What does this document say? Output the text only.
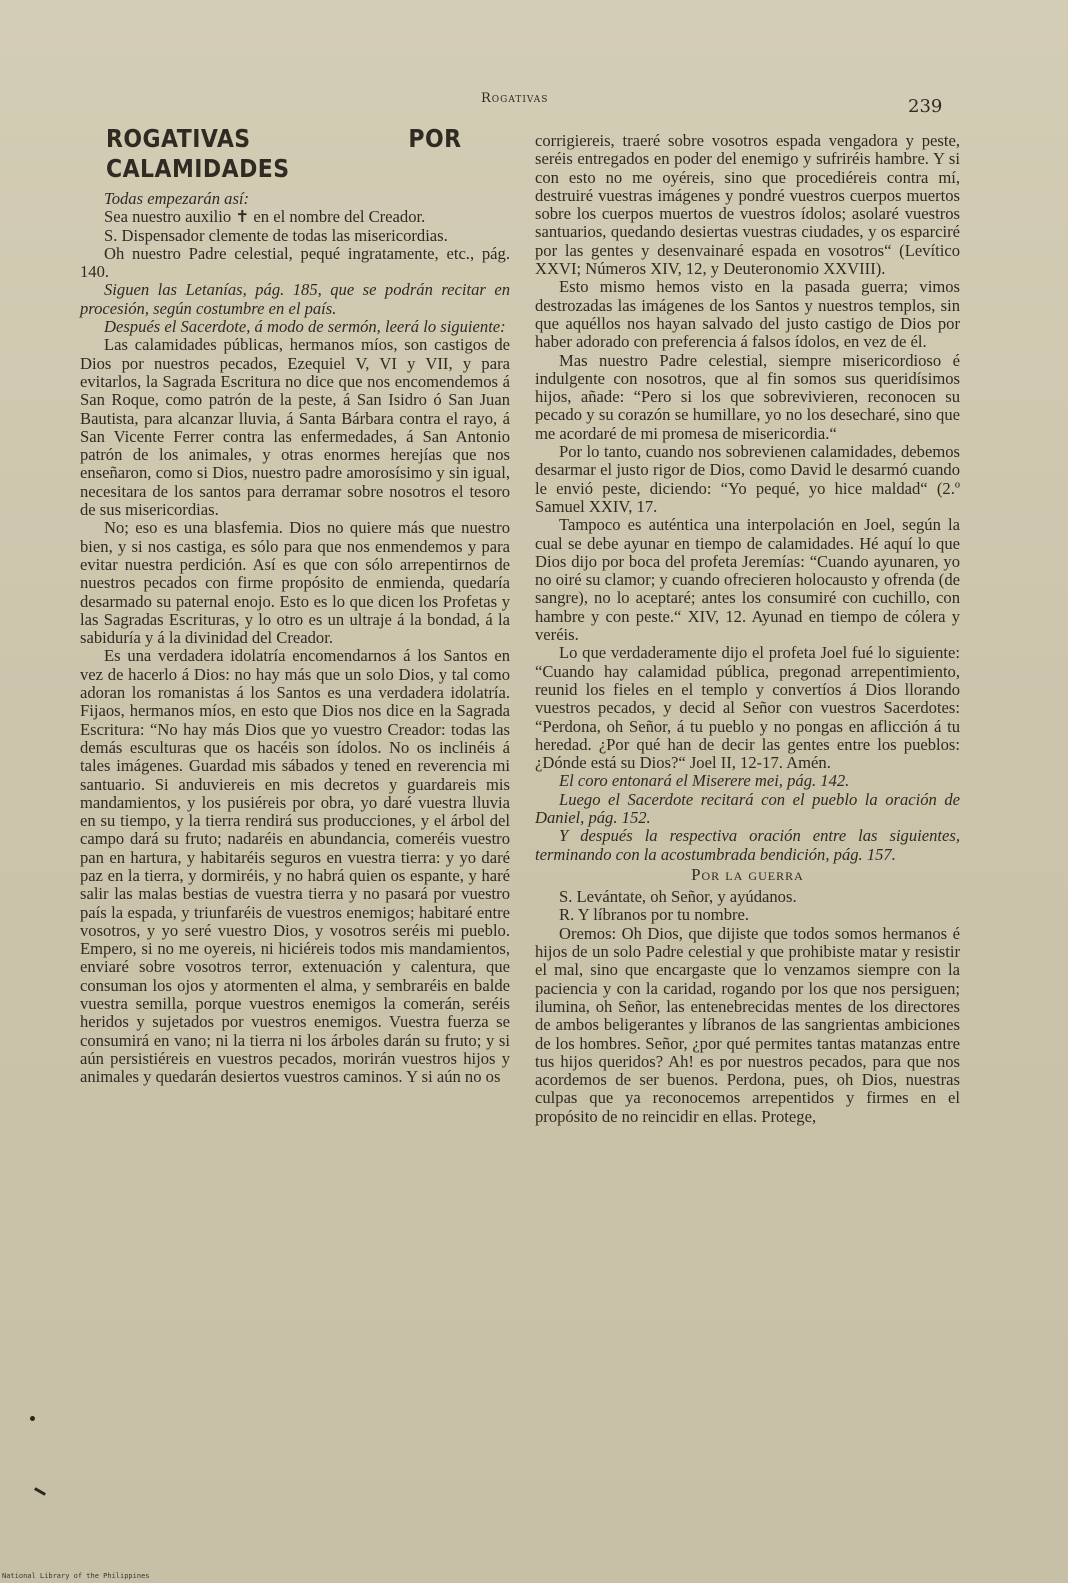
Rogativas	239
ROGATIVAS POR CALAMIDADES

Todas empezarán así:

Sea nuestro auxilio ✝ en el nombre del Creador.

S. Dispensador clemente de todas las misericordias.

Oh nuestro Padre celestial, pequé ingratamente, etc., pág. 140.

Siguen las Letanías, pág. 185, que se podrán recitar en procesión, según costumbre en el país.

Después el Sacerdote, á modo de sermón, leerá lo siguiente:

Las calamidades públicas, hermanos míos, son castigos de Dios por nuestros pecados, Ezequiel V, VI y VII, y para evitarlos, la Sagrada Escritura no dice que nos encomendemos á San Roque, como patrón de la peste, á San Isidro ó San Juan Bautista, para alcanzar lluvia, á Santa Bárbara contra el rayo, á San Vicente Ferrer contra las enfermedades, á San Antonio patrón de los animales, y otras enormes herejías que nos enseñaron, como si Dios, nuestro padre amorosísimo y sin igual, necesitara de los santos para derramar sobre nosotros el tesoro de sus misericordias.

No; eso es una blasfemia. Dios no quiere más que nuestro bien, y si nos castiga, es sólo para que nos enmendemos y para evitar nuestra perdición. Así es que con sólo arrepentirnos de nuestros pecados con firme propósito de enmienda, quedaría desarmado su paternal enojo. Esto es lo que dicen los Profetas y las Sagradas Escrituras, y lo otro es un ultraje á la bondad, á la sabiduría y á la divinidad del Creador.

Es una verdadera idolatría encomendarnos á los Santos en vez de hacerlo á Dios: no hay más que un solo Dios, y tal como adoran los romanistas á los Santos es una verdadera idolatría. Fijaos, hermanos míos, en esto que Dios nos dice en la Sagrada Escritura: “No hay más Dios que yo vuestro Creador: todas las demás esculturas que os hacéis son ídolos. No os inclinéis á tales imágenes. Guardad mis sábados y tened en reverencia mi santuario. Si anduviereis en mis decretos y guardareis mis mandamientos, y los pusiéreis por obra, yo daré vuestra lluvia en su tiempo, y la tierra rendirá sus producciones, y el árbol del campo dará su fruto; nadaréis en abundancia, comeréis vuestro pan en hartura, y habitaréis seguros en vuestra tierra: y yo daré paz en la tierra, y dormiréis, y no habrá quien os espante, y haré salir las malas bestias de vuestra tierra y no pasará por vuestro país la espada, y triunfaréis de vuestros enemigos; habitaré entre vosotros, y yo seré vuestro Dios, y vosotros seréis mi pueblo. Empero, si no me oyereis, ni hiciéreis todos mis mandamientos, enviaré sobre vosotros terror, extenuación y calentura, que consuman los ojos y atormenten el alma, y sembraréis en balde vuestra semilla, porque vuestros enemigos la comerán, seréis heridos y sujetados por vuestros enemigos. Vuestra fuerza se consumirá en vano; ni la tierra ni los árboles darán su fruto; y si aún persistiéreis en vuestros pecados, morirán vuestros hijos y animales y quedarán desiertos vuestros caminos. Y si aún no os

corrigiereis, traeré sobre vosotros espada vengadora y peste, seréis entregados en poder del enemigo y sufriréis hambre. Y si con esto no me oyéreis, sino que procediéreis contra mí, destruiré vuestras imágenes y pondré vuestros cuerpos muertos sobre los cuerpos muertos de vuestros ídolos; asolaré vuestros santuarios, quedando desiertas vuestras ciudades, y os esparciré por las gentes y desenvainaré espada en vosotros“ (Levítico XXVI; Números XIV, 12, y Deuteronomio XXVIII).

Esto mismo hemos visto en la pasada guerra; vimos destrozadas las imágenes de los Santos y nuestros templos, sin que aquéllos nos hayan salvado del justo castigo de Dios por haber adorado con preferencia á falsos ídolos, en vez de él.

Mas nuestro Padre celestial, siempre misericordioso é indulgente con nosotros, que al fin somos sus queridísimos hijos, añade: “Pero si los que sobrevivieren, reconocen su pecado y su corazón se humillare, yo no los desecharé, sino que me acordaré de mi promesa de misericordia.“

Por lo tanto, cuando nos sobrevienen calamidades, debemos desarmar el justo rigor de Dios, como David le desarmó cuando le envió peste, diciendo: “Yo pequé, yo hice maldad“ (2.º Samuel XXIV, 17.

Tampoco es auténtica una interpolación en Joel, según la cual se debe ayunar en tiempo de calamidades. Hé aquí lo que Dios dijo por boca del profeta Jeremías: “Cuando ayunaren, yo no oiré su clamor; y cuando ofrecieren holocausto y ofrenda (de sangre), no lo aceptaré; antes los consumiré con cuchillo, con hambre y con peste.“ XIV, 12. Ayunad en tiempo de cólera y veréis.

Lo que verdaderamente dijo el profeta Joel fué lo siguiente: “Cuando hay calamidad pública, pregonad arrepentimiento, reunid los fieles en el templo y convertíos á Dios llorando vuestros pecados, y decid al Señor con vuestros Sacerdotes: “Perdona, oh Señor, á tu pueblo y no pongas en aflicción á tu heredad. ¿Por qué han de decir las gentes entre los pueblos: ¿Dónde está su Dios?“ Joel II, 12-17. Amén.

El coro entonará el Miserere mei, pág. 142.

Luego el Sacerdote recitará con el pueblo la oración de Daniel, pág. 152.

Y después la respectiva oración entre las siguientes, terminando con la acostumbrada bendición, pág. 157.

Por la guerra

S. Levántate, oh Señor, y ayúdanos.

R. Y líbranos por tu nombre.

Oremos: Oh Dios, que dijiste que todos somos hermanos é hijos de un solo Padre celestial y que prohibiste matar y resistir el mal, sino que encargaste que lo venzamos siempre con la paciencia y con la caridad, rogando por los que nos persiguen; ilumina, oh Señor, las entenebrecidas mentes de los directores de ambos beligerantes y líbranos de las sangrientas ambiciones de los hombres. Señor, ¿por qué permites tantas matanzas entre tus hijos queridos? Ah! es por nuestros pecados, para que nos acordemos de ser buenos. Perdona, pues, oh Dios, nuestras culpas que ya reconocemos arrepentidos y firmes en el propósito de no reincidir en ellas. Protege,

National Library of the Philippines
